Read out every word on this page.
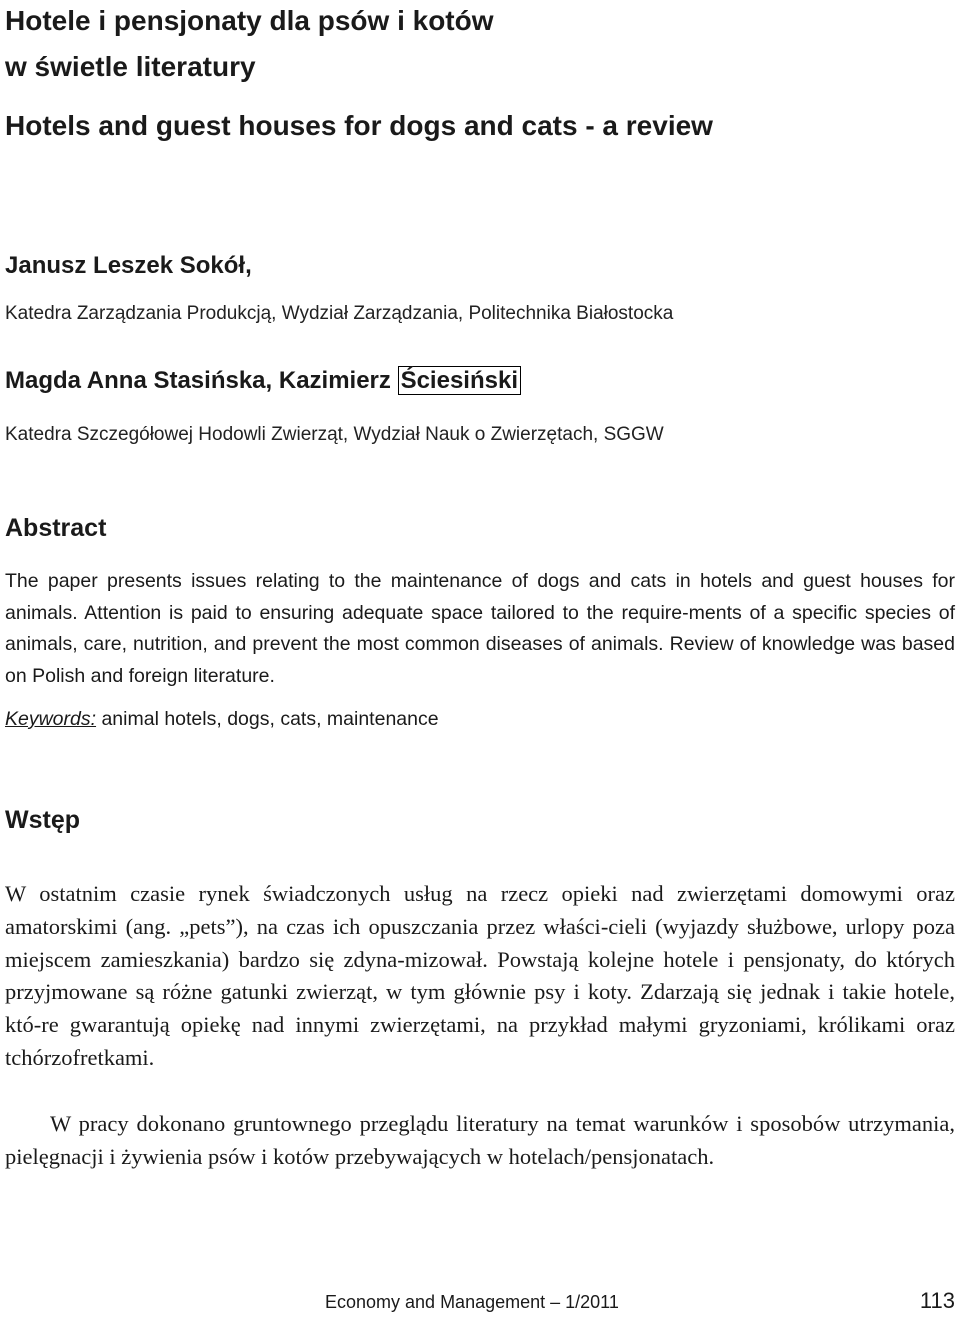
Hotele i pensjonaty dla psów i kotów
w świetle literatury
Hotels and guest houses for dogs and cats - a review
Janusz Leszek Sokół,
Katedra Zarządzania Produkcją, Wydział Zarządzania, Politechnika Białostocka
Magda Anna Stasińska, Kazimierz Ściesiński
Katedra Szczegółowej Hodowli Zwierząt, Wydział Nauk o Zwierzętach, SGGW
Abstract

The paper presents issues relating to the maintenance of dogs and cats in hotels and guest houses for animals. Attention is paid to ensuring adequate space tailored to the require-ments of a specific species of animals, care, nutrition, and prevent the most common diseases of animals. Review of knowledge was based on Polish and foreign literature.

Keywords: animal hotels, dogs, cats, maintenance
Wstęp

W ostatnim czasie rynek świadczonych usług na rzecz opieki nad zwierzętami domowymi oraz amatorskimi (ang. „pets”), na czas ich opuszczania przez właści-cieli (wyjazdy służbowe, urlopy poza miejscem zamieszkania) bardzo się zdyna-mizował. Powstają kolejne hotele i pensjonaty, do których przyjmowane są różne gatunki zwierząt, w tym głównie psy i koty. Zdarzają się jednak i takie hotele, któ-re gwarantują opiekę nad innymi zwierzętami, na przykład małymi gryzoniami, królikami oraz tchórzofretkami.

W pracy dokonano gruntownego przeglądu literatury na temat warunków i sposobów utrzymania, pielęgnacji i żywienia psów i kotów przebywających w hotelach/pensjonatach.

Economy and Management – 1/2011	113
